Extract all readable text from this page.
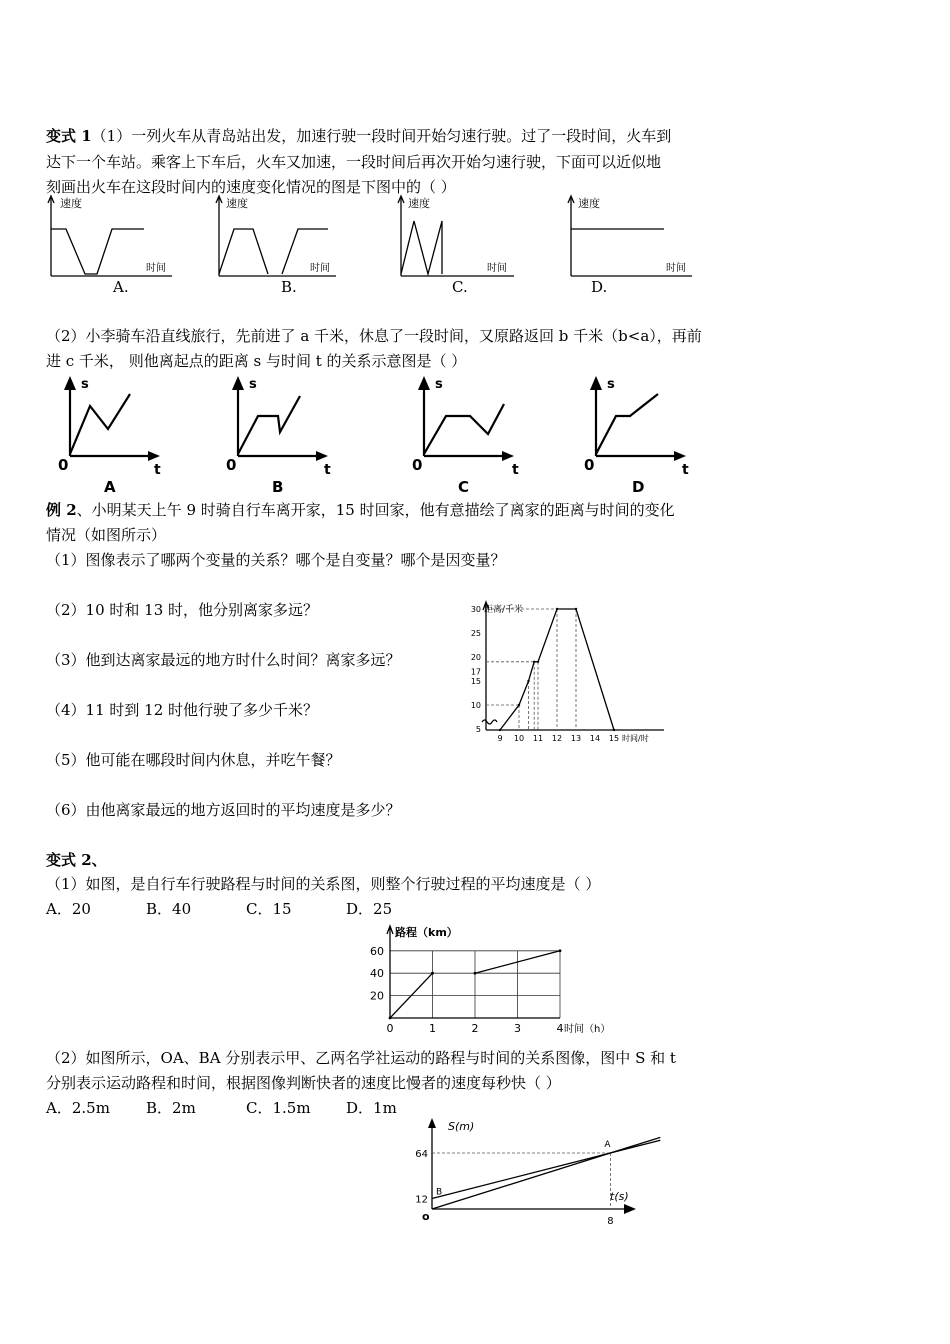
变式 1（1）一列火车从青岛站出发，加速行驶一段时间开始匀速行驶。过了一段时间，火车到
达下一个车站。乘客上下车后，火车又加速，一段时间后再次开始匀速行驶，下面可以近似地
刻画出火车在这段时间内的速度变化情况的图是下图中的（ ）
速度
时间
速度
时间
速度
时间
速度
时间
A.	B.	C.	D.
（2）小李骑车沿直线旅行，先前进了 a 千米，休息了一段时间，又原路返回 b 千米（b<a），再前
进 c 千米， 则他离起点的距离 s 与时间 t 的关系示意图是（ ）
s
0	t
A
s
0	t
B
s
0	t
C
s
0	t
D
例 2、小明某天上午 9 时骑自行车离开家，15 时回家，他有意描绘了离家的距离与时间的变化
情况（如图所示）
（1）图像表示了哪两个变量的关系？哪个是自变量？哪个是因变量？
（2）10 时和 13 时，他分别离家多远？
（3）他到达离家最远的地方时什么时间？离家多远？
（4）11 时到 12 时他行驶了多少千米？
（5）他可能在哪段时间内休息，并吃午餐？
（6）由他离家最远的地方返回时的平均速度是多少？
距离/千米
5
10
15
17
20
25
30
9 10 11 12 13 14 15 时间/时
变式 2、
（1）如图，是自行车行驶路程与时间的关系图，则整个行驶过程的平均速度是（ ）
A．20	B．40	C．15	D．25
路程（km）
20
40
60
0	1	2	3	4 时间（h）
（2）如图所示，OA、BA 分别表示甲、乙两名学社运动的路程与时间的关系图像，图中 S 和 t
分别表示运动路程和时间，根据图像判断快者的速度比慢者的速度每秒快（ ）
A．2.5m B．2m	C．1.5m D．1m
S(m)
t(s)
o
12
64
8
A
B
